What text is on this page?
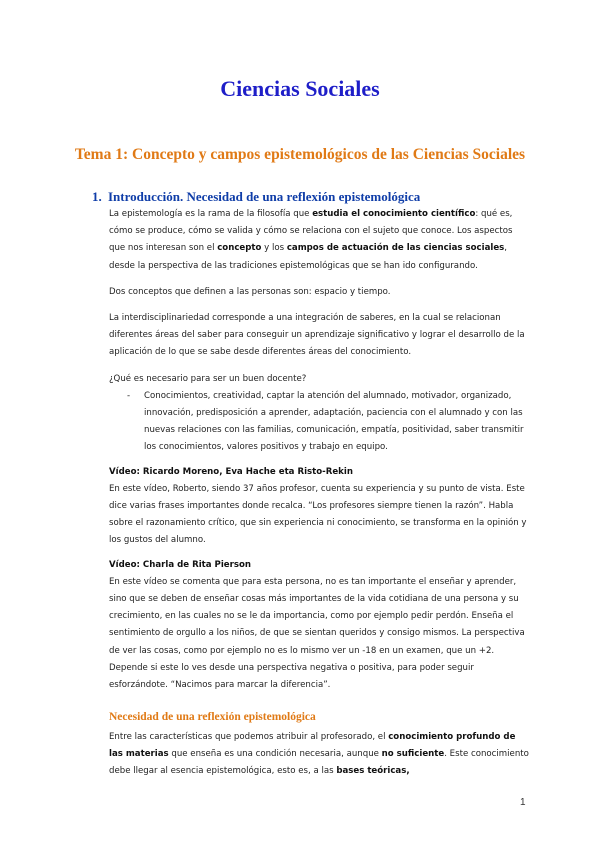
Ciencias Sociales
Tema 1: Concepto y campos epistemológicos de las Ciencias Sociales
1. Introducción. Necesidad de una reflexión epistemológica

La epistemología es la rama de la filosofía que estudia el conocimiento científico: qué es, cómo se produce, cómo se valida y cómo se relaciona con el sujeto que conoce. Los aspectos que nos interesan son el concepto y los campos de actuación de las ciencias sociales, desde la perspectiva de las tradiciones epistemológicas que se han ido configurando.

Dos conceptos que definen a las personas son: espacio y tiempo.

La interdisciplinariedad corresponde a una integración de saberes, en la cual se relacionan diferentes áreas del saber para conseguir un aprendizaje significativo y lograr el desarrollo de la aplicación de lo que se sabe desde diferentes áreas del conocimiento.

¿Qué es necesario para ser un buen docente?

- Conocimientos, creatividad, captar la atención del alumnado, motivador, organizado, innovación, predisposición a aprender, adaptación, paciencia con el alumnado y con las nuevas relaciones con las familias, comunicación, empatía, positividad, saber transmitir los conocimientos, valores positivos y trabajo en equipo.

Vídeo: Ricardo Moreno, Eva Hache eta Risto-Rekin

En este vídeo, Roberto, siendo 37 años profesor, cuenta su experiencia y su punto de vista. Este dice varias frases importantes donde recalca. “Los profesores siempre tienen la razón”. Habla sobre el razonamiento crítico, que sin experiencia ni conocimiento, se transforma en la opinión y los gustos del alumno.

Vídeo: Charla de Rita Pierson

En este vídeo se comenta que para esta persona, no es tan importante el enseñar y aprender, sino que se deben de enseñar cosas más importantes de la vida cotidiana de una persona y su crecimiento, en las cuales no se le da importancia, como por ejemplo pedir perdón. Enseña el sentimiento de orgullo a los niños, de que se sientan queridos y consigo mismos. La perspectiva de ver las cosas, como por ejemplo no es lo mismo ver un -18 en un examen, que un +2. Depende si este lo ves desde una perspectiva negativa o positiva, para poder seguir esforzándote. “Nacimos para marcar la diferencia”.

Necesidad de una reflexión epistemológica

Entre las características que podemos atribuir al profesorado, el conocimiento profundo de las materias que enseña es una condición necesaria, aunque no suficiente. Este conocimiento debe llegar al esencia epistemológica, esto es, a las bases teóricas,

1
